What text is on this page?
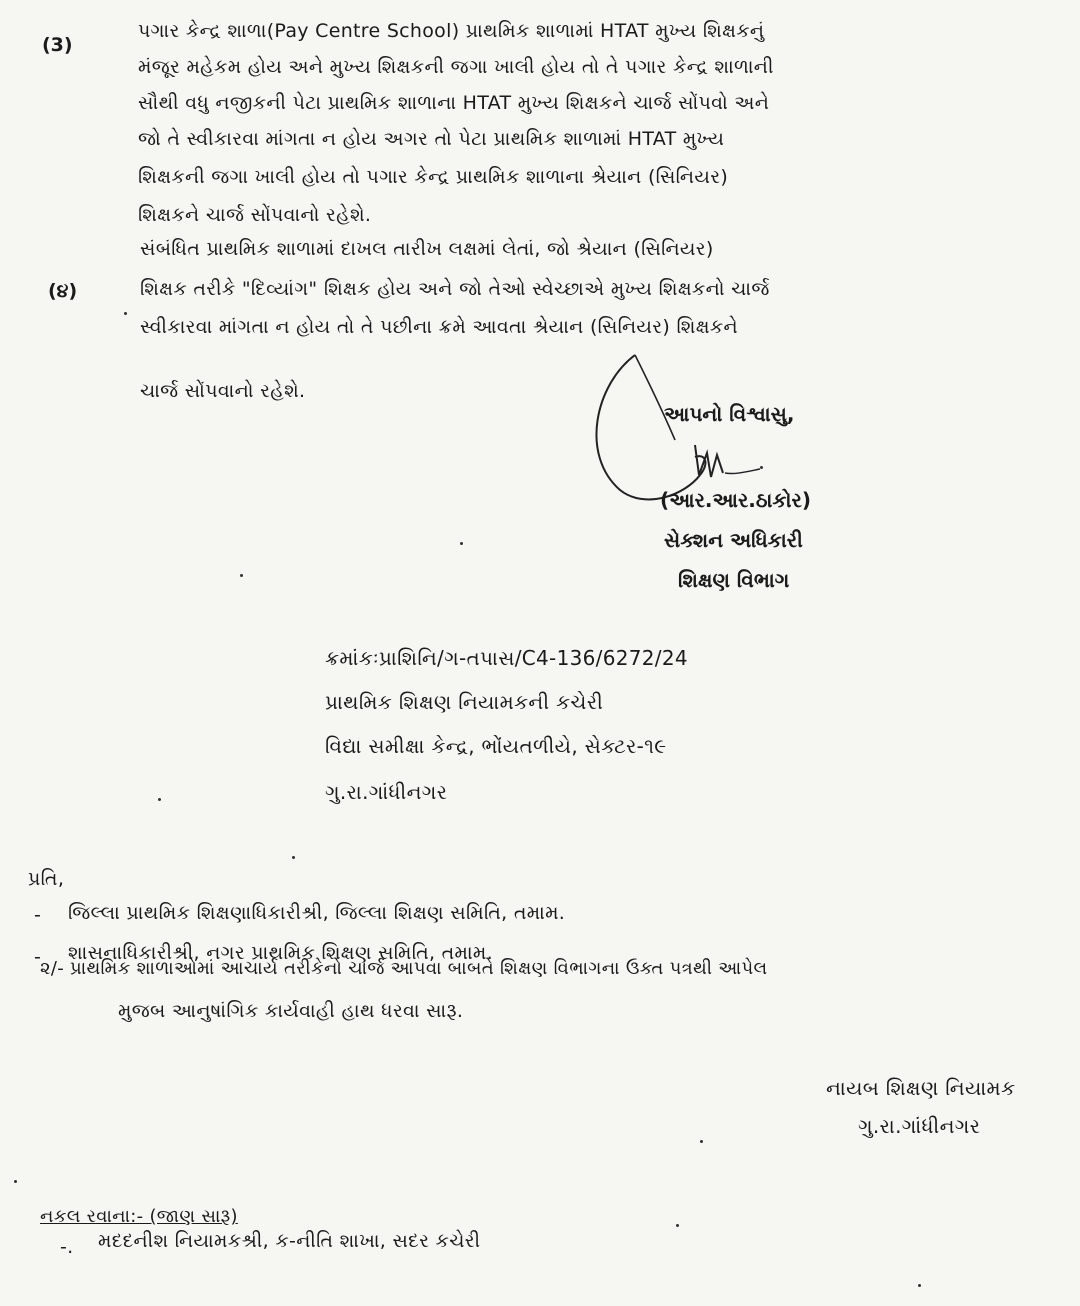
(3)
પગાર કેન્દ્ર શાળા(Pay Centre School) પ્રાથમિક શાળામાં HTAT મુખ્ય શિક્ષકનું
મંજૂર મહેકમ હોય અને મુખ્ય શિક્ષકની જગા ખાલી હોય તો તે પગાર કેન્દ્ર શાળાની
સૌથી વધુ નજીકની પેટા પ્રાથમિક શાળાના HTAT મુખ્ય શિક્ષકને ચાર્જ સોંપવો અને
જો તે સ્વીકારવા માંગતા ન હોય અગર તો પેટા પ્રાથમિક શાળામાં HTAT મુખ્ય
શિક્ષકની જગા ખાલી હોય તો પગાર કેન્દ્ર પ્રાથમિક શાળાના શ્રેયાન (સિનિયર)
શિક્ષકને ચાર્જ સોંપવાનો રહેશે.
(૪)
સંબંધિત પ્રાથમિક શાળામાં દાખલ તારીખ લક્ષમાં લેતાં, જો શ્રેયાન (સિનિયર)
શિક્ષક તરીકે "દિવ્યાંગ" શિક્ષક હોય અને જો તેઓ સ્વેચ્છાએ મુખ્ય શિક્ષકનો ચાર્જ
સ્વીકારવા માંગતા ન હોય તો તે પછીના ક્રમે આવતા શ્રેયાન (સિનિયર) શિક્ષકને
ચાર્જ સોંપવાનો રહેશે.
આપનો વિશ્વાસુ,
(આર.આર.ઠાકોર)
સેક્શન અધિકારી
શિક્ષણ વિભાગ
ક્રમાંકઃપ્રાશિનિ/ગ-તપાસ/C4-136/6272/24
પ્રાથમિક શિક્ષણ નિયામકની કચેરી
વિદ્યા સમીક્ષા કેન્દ્ર, ભોંયતળીયે, સેક્ટર-૧૯
ગુ.રા.ગાંધીનગર
પ્રતિ,
- જિલ્લા પ્રાથમિક શિક્ષણાધિકારીશ્રી, જિલ્લા શિક્ષણ સમિતિ, તમામ.
- શાસનાધિકારીશ્રી, નગર પ્રાથમિક શિક્ષણ સમિતિ, તમામ.
૨/- પ્રાથમિક શાળાઓમાં આચાર્ય તરીકેનો ચાર્જ આપવા બાબતે શિક્ષણ વિભાગના ઉક્ત પત્રથી આપેલ
મુજબ આનુષાંગિક કાર્યવાહી હાથ ધરવા સારૂ.
નાયબ શિક્ષણ નિયામક
ગુ.રા.ગાંધીનગર
નકલ રવાના:- (જાણ સારૂ)
-. મદદનીશ નિયામકશ્રી, ક-નીતિ શાખા, સદર કચેરી
